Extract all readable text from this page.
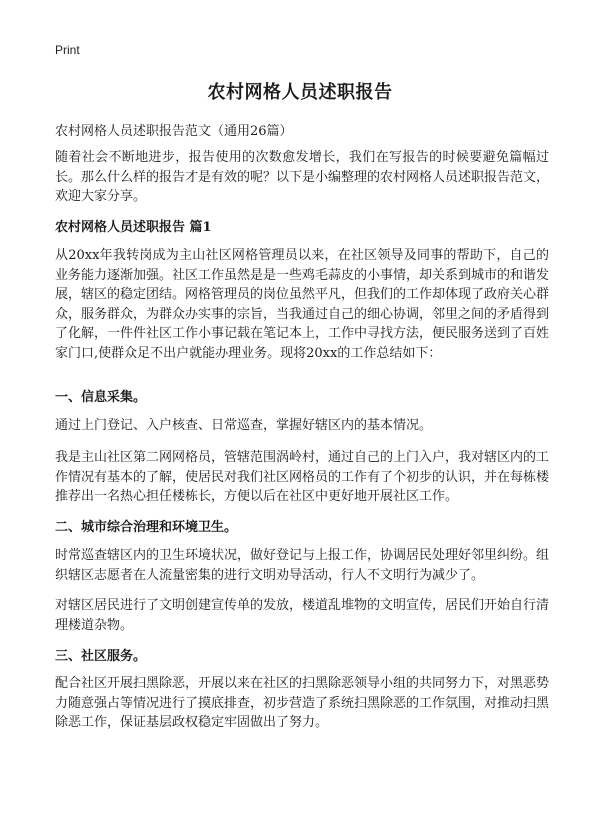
Print
农村网格人员述职报告
农村网格人员述职报告范文（通用26篇）

随着社会不断地进步，报告使用的次数愈发增长，我们在写报告的时候要避免篇幅过长。那么什么样的报告才是有效的呢？以下是小编整理的农村网格人员述职报告范文，欢迎大家分享。

农村网格人员述职报告 篇1

从20xx年我转岗成为主山社区网格管理员以来，在社区领导及同事的帮助下，自己的业务能力逐渐加强。社区工作虽然是是一些鸡毛蒜皮的小事情，却关系到城市的和谐发展，辖区的稳定团结。网格管理员的岗位虽然平凡，但我们的工作却体现了政府关心群众，服务群众，为群众办实事的宗旨，当我通过自己的细心协调，邻里之间的矛盾得到了化解，一件件社区工作小事记载在笔记本上，工作中寻找方法，便民服务送到了百姓家门口,使群众足不出户就能办理业务。现将20xx的工作总结如下：

一、信息采集。

通过上门登记、入户核查、日常巡查，掌握好辖区内的基本情况。

我是主山社区第二网网格员，管辖范围涡岭村，通过自己的上门入户，我对辖区内的工作情况有基本的了解，使居民对我们社区网格员的工作有了个初步的认识，并在每栋楼推荐出一名热心担任楼栋长，方便以后在社区中更好地开展社区工作。

二、城市综合治理和环境卫生。

时常巡查辖区内的卫生环境状况，做好登记与上报工作，协调居民处理好邻里纠纷。组织辖区志愿者在人流量密集的进行文明劝导活动，行人不文明行为减少了。

对辖区居民进行了文明创建宣传单的发放，楼道乱堆物的文明宣传，居民们开始自行清理楼道杂物。

三、社区服务。

配合社区开展扫黑除恶，开展以来在社区的扫黑除恶领导小组的共同努力下，对黑恶势力随意强占等情况进行了摸底排查，初步营造了系统扫黑除恶的工作氛围，对推动扫黑除恶工作，保证基层政权稳定牢固做出了努力。
